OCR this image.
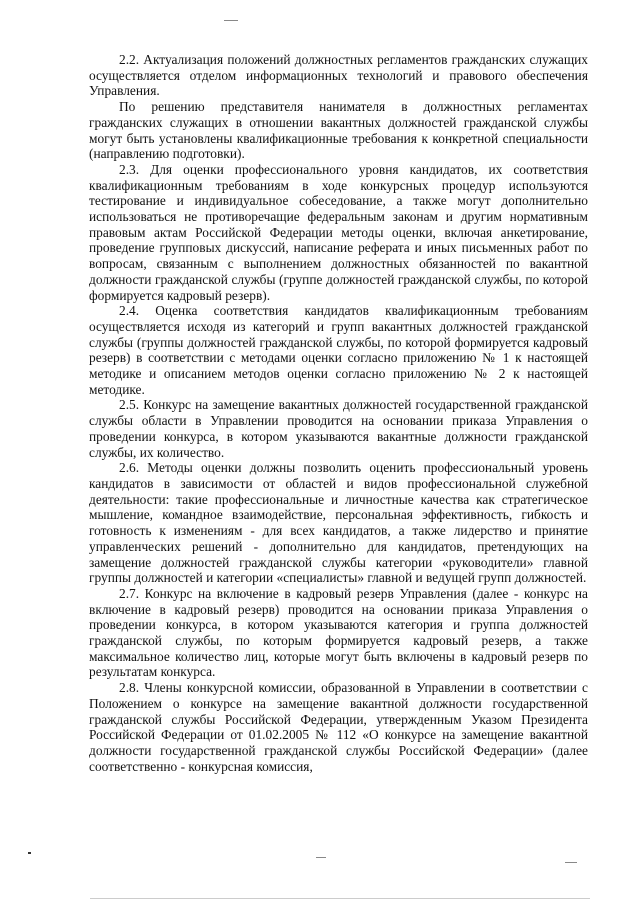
2.2. Актуализация положений должностных регламентов гражданских служащих осуществляется отделом информационных технологий и правового обеспечения Управления.

По решению представителя нанимателя в должностных регламентах гражданских служащих в отношении вакантных должностей гражданской службы могут быть установлены квалификационные требования к конкретной специальности (направлению подготовки).

2.3. Для оценки профессионального уровня кандидатов, их соответствия квалификационным требованиям в ходе конкурсных процедур используются тестирование и индивидуальное собеседование, а также могут дополнительно использоваться не противоречащие федеральным законам и другим нормативным правовым актам Российской Федерации методы оценки, включая анкетирование, проведение групповых дискуссий, написание реферата и иных письменных работ по вопросам, связанным с выполнением должностных обязанностей по вакантной должности гражданской службы (группе должностей гражданской службы, по которой формируется кадровый резерв).

2.4. Оценка соответствия кандидатов квалификационным требованиям осуществляется исходя из категорий и групп вакантных должностей гражданской службы (группы должностей гражданской службы, по которой формируется кадровый резерв) в соответствии с методами оценки согласно приложению № 1 к настоящей методике и описанием методов оценки согласно приложению № 2 к настоящей методике.

2.5. Конкурс на замещение вакантных должностей государственной гражданской службы области в Управлении проводится на основании приказа Управления о проведении конкурса, в котором указываются вакантные должности гражданской службы, их количество.

2.6. Методы оценки должны позволить оценить профессиональный уровень кандидатов в зависимости от областей и видов профессиональной служебной деятельности: такие профессиональные и личностные качества как стратегическое мышление, командное взаимодействие, персональная эффективность, гибкость и готовность к изменениям - для всех кандидатов, а также лидерство и принятие управленческих решений - дополнительно для кандидатов, претендующих на замещение должностей гражданской службы категории «руководители» главной группы должностей и категории «специалисты» главной и ведущей групп должностей.

2.7. Конкурс на включение в кадровый резерв Управления (далее - конкурс на включение в кадровый резерв) проводится на основании приказа Управления о проведении конкурса, в котором указываются категория и группа должностей гражданской службы, по которым формируется кадровый резерв, а также максимальное количество лиц, которые могут быть включены в кадровый резерв по результатам конкурса.

2.8. Члены конкурсной комиссии, образованной в Управлении в соответствии с Положением о конкурсе на замещение вакантной должности государственной гражданской службы Российской Федерации, утвержденным Указом Президента Российской Федерации от 01.02.2005 № 112 «О конкурсе на замещение вакантной должности государственной гражданской службы Российской Федерации» (далее соответственно - конкурсная комиссия,
